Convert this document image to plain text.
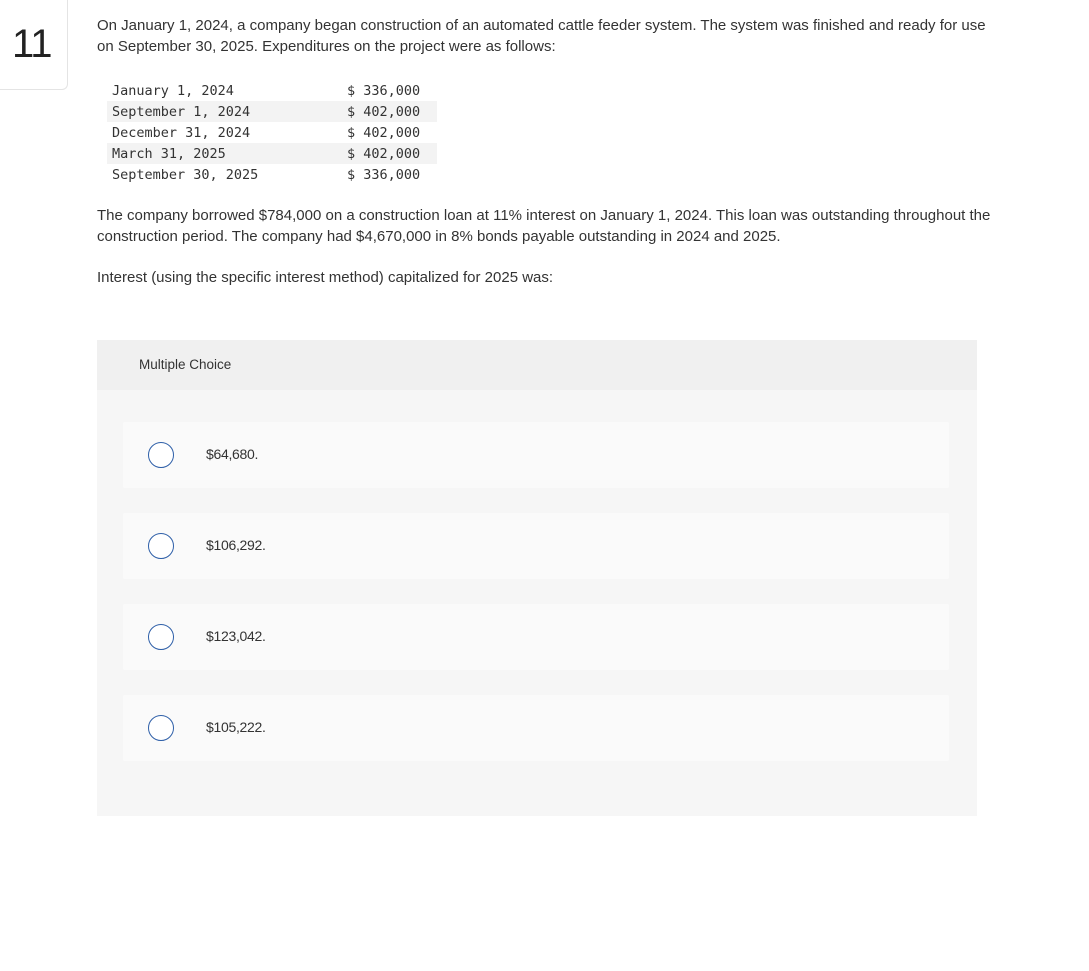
11	On January 1, 2024, a company began construction of an automated cattle feeder system. The system was finished and ready for use on September 30, 2025. Expenditures on the project were as follows:
January 1, 2024	$ 336,000
September 1, 2024	$ 402,000
December 31, 2024	$ 402,000
March 31, 2025	$ 402,000
September 30, 2025	$ 336,000
The company borrowed $784,000 on a construction loan at 11% interest on January 1, 2024. This loan was outstanding throughout the construction period. The company had $4,670,000 in 8% bonds payable outstanding in 2024 and 2025.
Interest (using the specific interest method) capitalized for 2025 was:
Multiple Choice
$64,680.
$106,292.
$123,042.
$105,222.
